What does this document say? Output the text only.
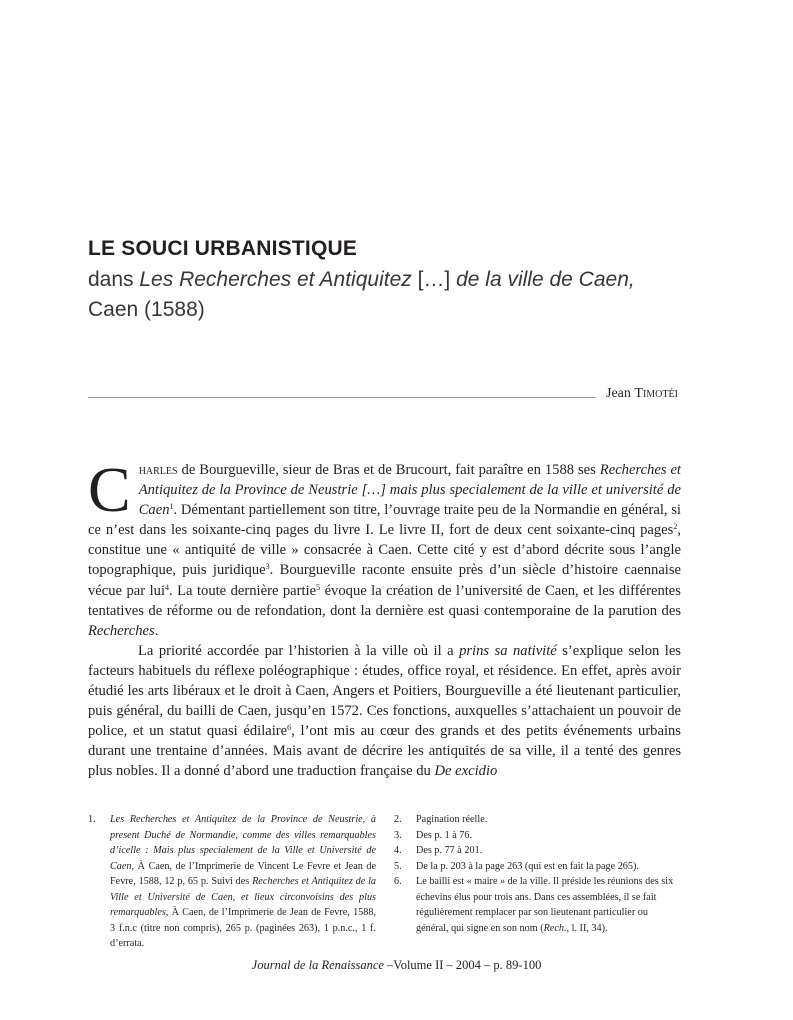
LE SOUCI URBANISTIQUE
dans Les Recherches et Antiquitez […] de la ville de Caen,
Caen (1588)
Jean Timotéi

Charles de Bourgueville, sieur de Bras et de Brucourt, fait paraître en 1588 ses Recherches et Antiquitez de la Province de Neustrie […] mais plus specialement de la ville et université de Caen$^1$. Démentant partiellement son titre, l’ouvrage traite peu de la Normandie en général, si ce n’est dans les soixante-cinq pages du livre I. Le livre II, fort de deux cent soixante-cinq pages$^2$, constitue une « antiquité de ville » consacrée à Caen. Cette cité y est d’abord décrite sous l’angle topographique, puis juridique$^3$. Bourgueville raconte ensuite près d’un siècle d’histoire caennaise vécue par lui$^4$. La toute dernière partie$^5$ évoque la création de l’université de Caen, et les différentes tentatives de réforme ou de refondation, dont la dernière est quasi contemporaine de la parution des Recherches.

La priorité accordée par l’historien à la ville où il a prins sa nativité s’explique selon les facteurs habituels du réflexe poléographique : études, office royal, et résidence. En effet, après avoir étudié les arts libéraux et le droit à Caen, Angers et Poitiers, Bourgueville a été lieutenant particulier, puis général, du bailli de Caen, jusqu’en 1572. Ces fonctions, auxquelles s’attachaient un pouvoir de police, et un statut quasi édilaire$^6$, l’ont mis au cœur des grands et des petits événements urbains durant une trentaine d’années. Mais avant de décrire les antiquités de sa ville, il a tenté des genres plus nobles. Il a donné d’abord une traduction française du De excidio

1. Les Recherches et Antiquitez de la Province de Neustrie, à present Duché de Normandie, comme des villes remarquables d’icelle : Mais plus specialement de la Ville et Université de Caen, À Caen, de l’Imprimerie de Vincent Le Fevre et Jean de Fevre, 1588, 12 p, 65 p. Suivi des Recherches et Antiquitez de la Ville et Université de Caen, et lieux circonvoisins des plus remarquables, À Caen, de l’Imprimerie de Jean de Fevre, 1588, 3 f.n.c (titre non compris), 265 p. (paginées 263), 1 p.n.c., 1 f. d’errata.
2. Pagination réelle.
3. Des p. 1 à 76.
4. Des p. 77 à 201.
5. De la p. 203 à la page 263 (qui est en fait la page 265).
6. Le bailli est « maire » de la ville. Il préside les réunions des six échevins élus pour trois ans. Dans ces assemblées, il se fait régulièrement remplacer par son lieutenant particulier ou général, qui signe en son nom (Rech., l. II, 34).
Journal de la Renaissance –Volume II – 2004 – p. 89-100
